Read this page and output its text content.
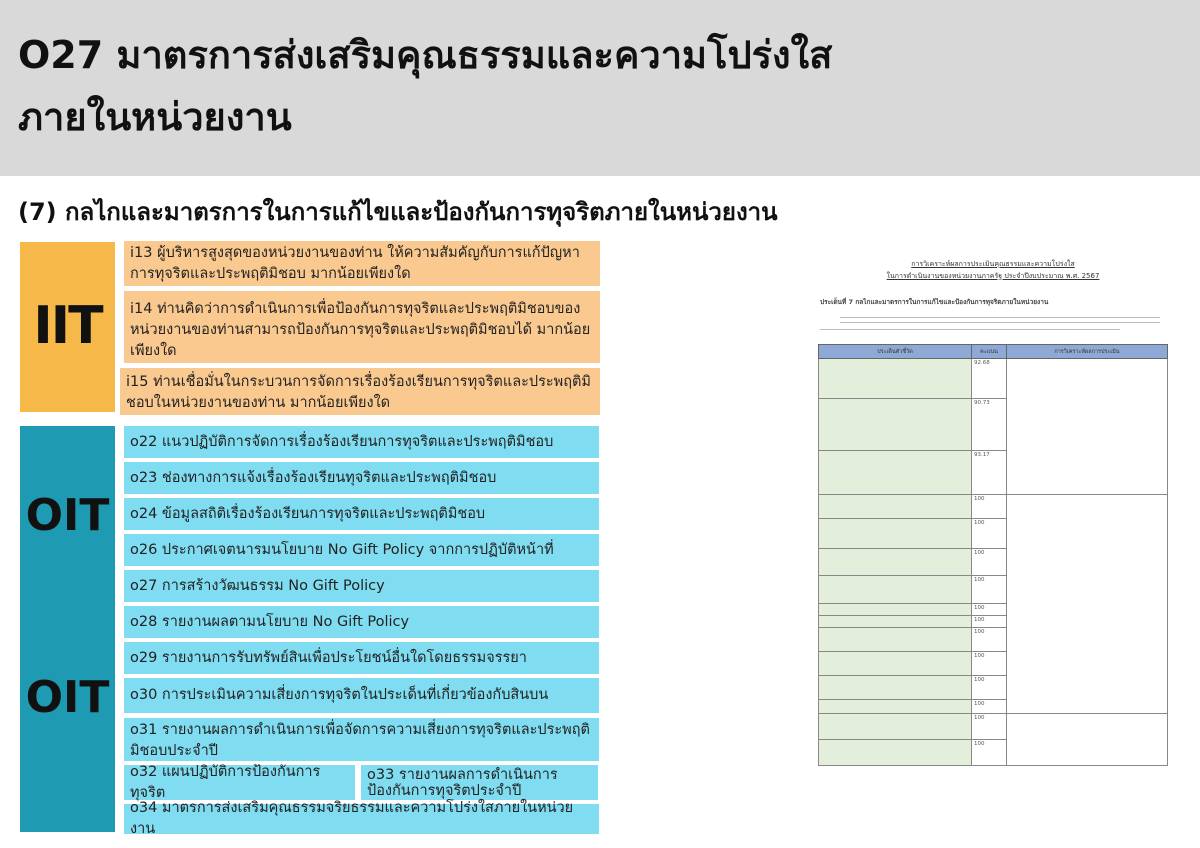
O27 มาตรการส่งเสริมคุณธรรมและความโปร่งใส
ภายในหน่วยงาน
(7) กลไกและมาตรการในการแก้ไขและป้องกันการทุจริตภายในหน่วยงาน
IIT
OIT
OIT
i13 ผู้บริหารสูงสุดของหน่วยงานของท่าน ให้ความสัมคัญกับการแก้ปัญหาการทุจริตและประพฤติมิชอบ มากน้อยเพียงใด
i14 ท่านคิดว่าการดำเนินการเพื่อป้องกันการทุจริตและประพฤติมิชอบของหน่วยงานของท่านสามารถป้องกันการทุจริตและประพฤติมิชอบได้ มากน้อยเพียงใด
i15 ท่านเชื่อมั่นในกระบวนการจัดการเรื่องร้องเรียนการทุจริตและประพฤติมิชอบในหน่วยงานของท่าน มากน้อยเพียงใด
o22 แนวปฏิบัติการจัดการเรื่องร้องเรียนการทุจริตและประพฤติมิชอบ
o23 ช่องทางการแจ้งเรื่องร้องเรียนทุจริตและประพฤติมิชอบ
o24 ข้อมูลสถิติเรื่องร้องเรียนการทุจริตและประพฤติมิชอบ
o26 ประกาศเจตนารมนโยบาย No Gift Policy จากการปฏิบัติหน้าที่
o27 การสร้างวัฒนธรรม No Gift Policy
o28 รายงานผลตามนโยบาย No Gift Policy
o29 รายงานการรับทรัพย์สินเพื่อประโยชน์อื่นใดโดยธรรมจรรยา
o30 การประเมินความเสี่ยงการทุจริตในประเด็นที่เกี่ยวข้องกับสินบน
o31 รายงานผลการดำเนินการเพื่อจัดการความเสี่ยงการทุจริตและประพฤติมิชอบประจำปี
o32 แผนปฏิบัติการป้องกันการทุจริต
o33 รายงานผลการดำเนินการป้องกันการทุจริตประจำปี
o34 มาตรการส่งเสริมคุณธรรมจริยธรรมและความโปร่งใสภายในหน่วยงาน
การวิเคราะห์ผลการประเมินคุณธรรมและความโปร่งใส
ในการดำเนินงานของหน่วยงานภาครัฐ ประจำปีงบประมาณ พ.ศ. 2567
ประเด็นที่ 7 กลไกและมาตรการในการแก้ไขและป้องกันการทุจริตภายในหน่วยงาน
ประเด็นตัวชี้วัด	คะแนน	การวิเคราะห์ผลการประเมิน
	92.68	
	90.73	
	93.17	
	100	
	100	
	100	
	100	
	100	
	100	
	100	
	100	
	100	
	100	
	100	
	100	
